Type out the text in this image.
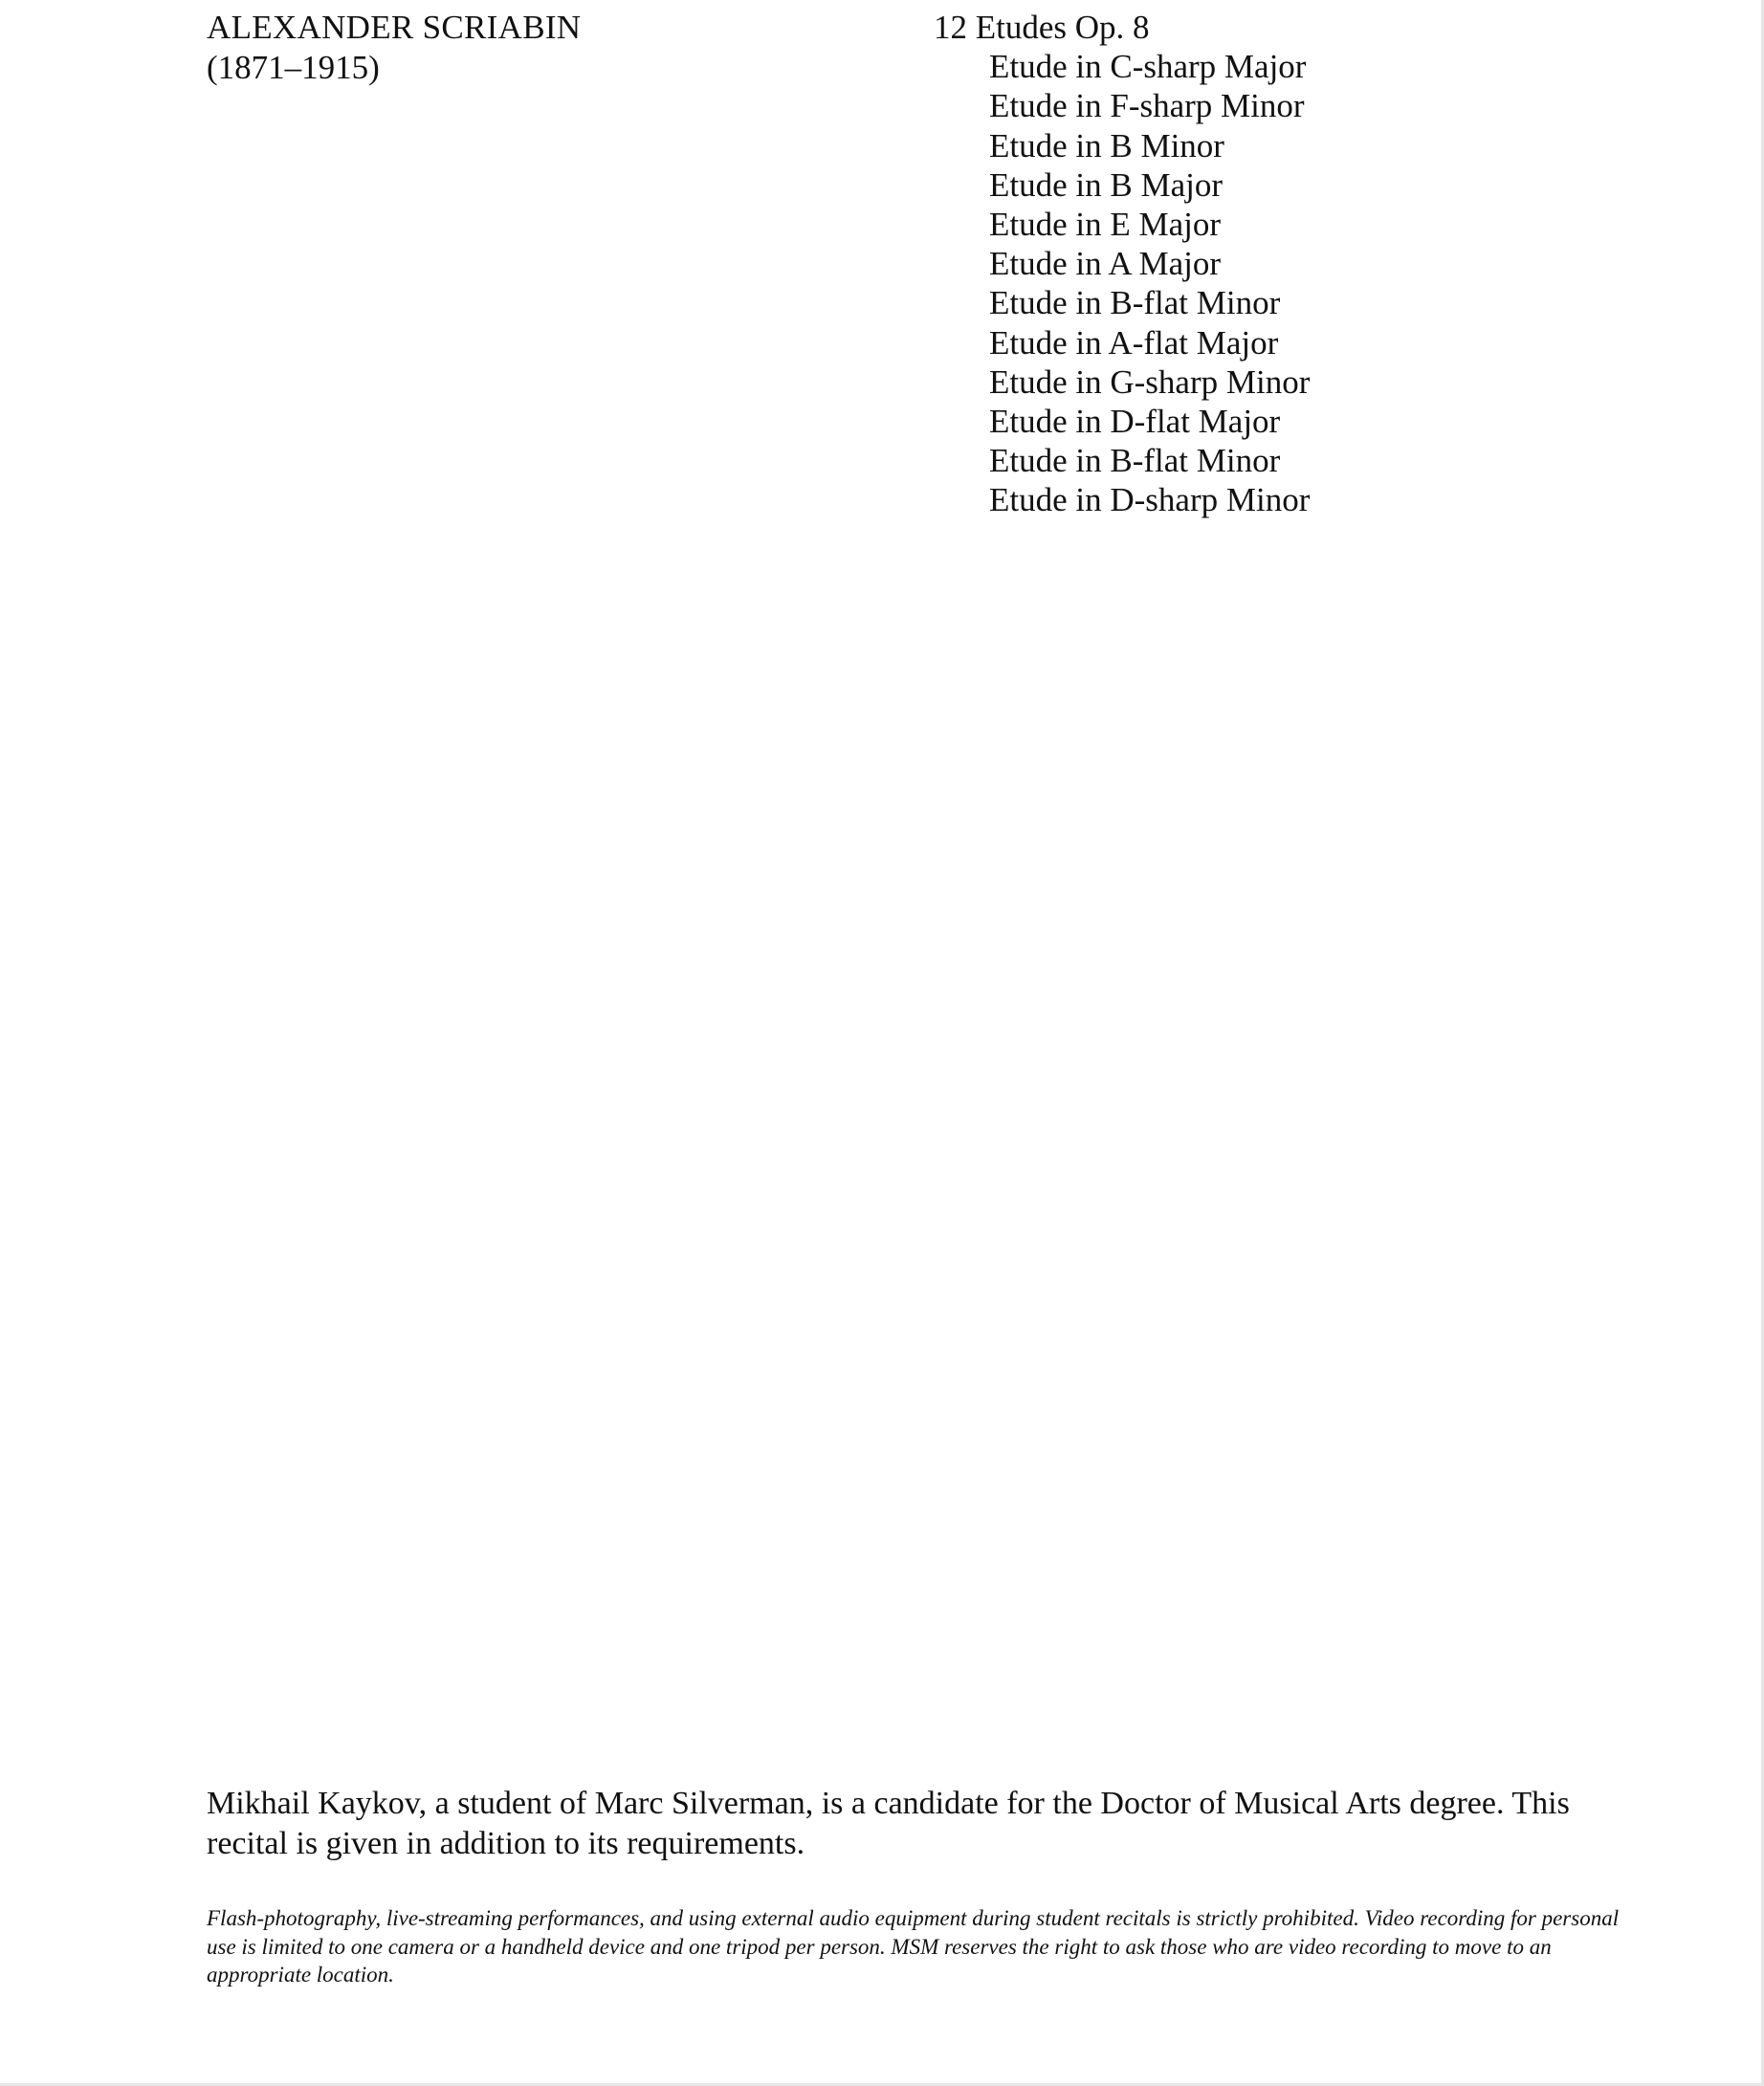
ALEXANDER SCRIABIN
(1871–1915)
12 Etudes Op. 8
Etude in C-sharp Major
Etude in F-sharp Minor
Etude in B Minor
Etude in B Major
Etude in E Major
Etude in A Major
Etude in B-flat Minor
Etude in A-flat Major
Etude in G-sharp Minor
Etude in D-flat Major
Etude in B-flat Minor
Etude in D-sharp Minor

Mikhail Kaykov, a student of Marc Silverman, is a candidate for the Doctor of Musical Arts degree. This recital is given in addition to its requirements.

Flash-photography, live-streaming performances, and using external audio equipment during student recitals is strictly prohibited. Video recording for personal use is limited to one camera or a handheld device and one tripod per person. MSM reserves the right to ask those who are video recording to move to an appropriate location.
